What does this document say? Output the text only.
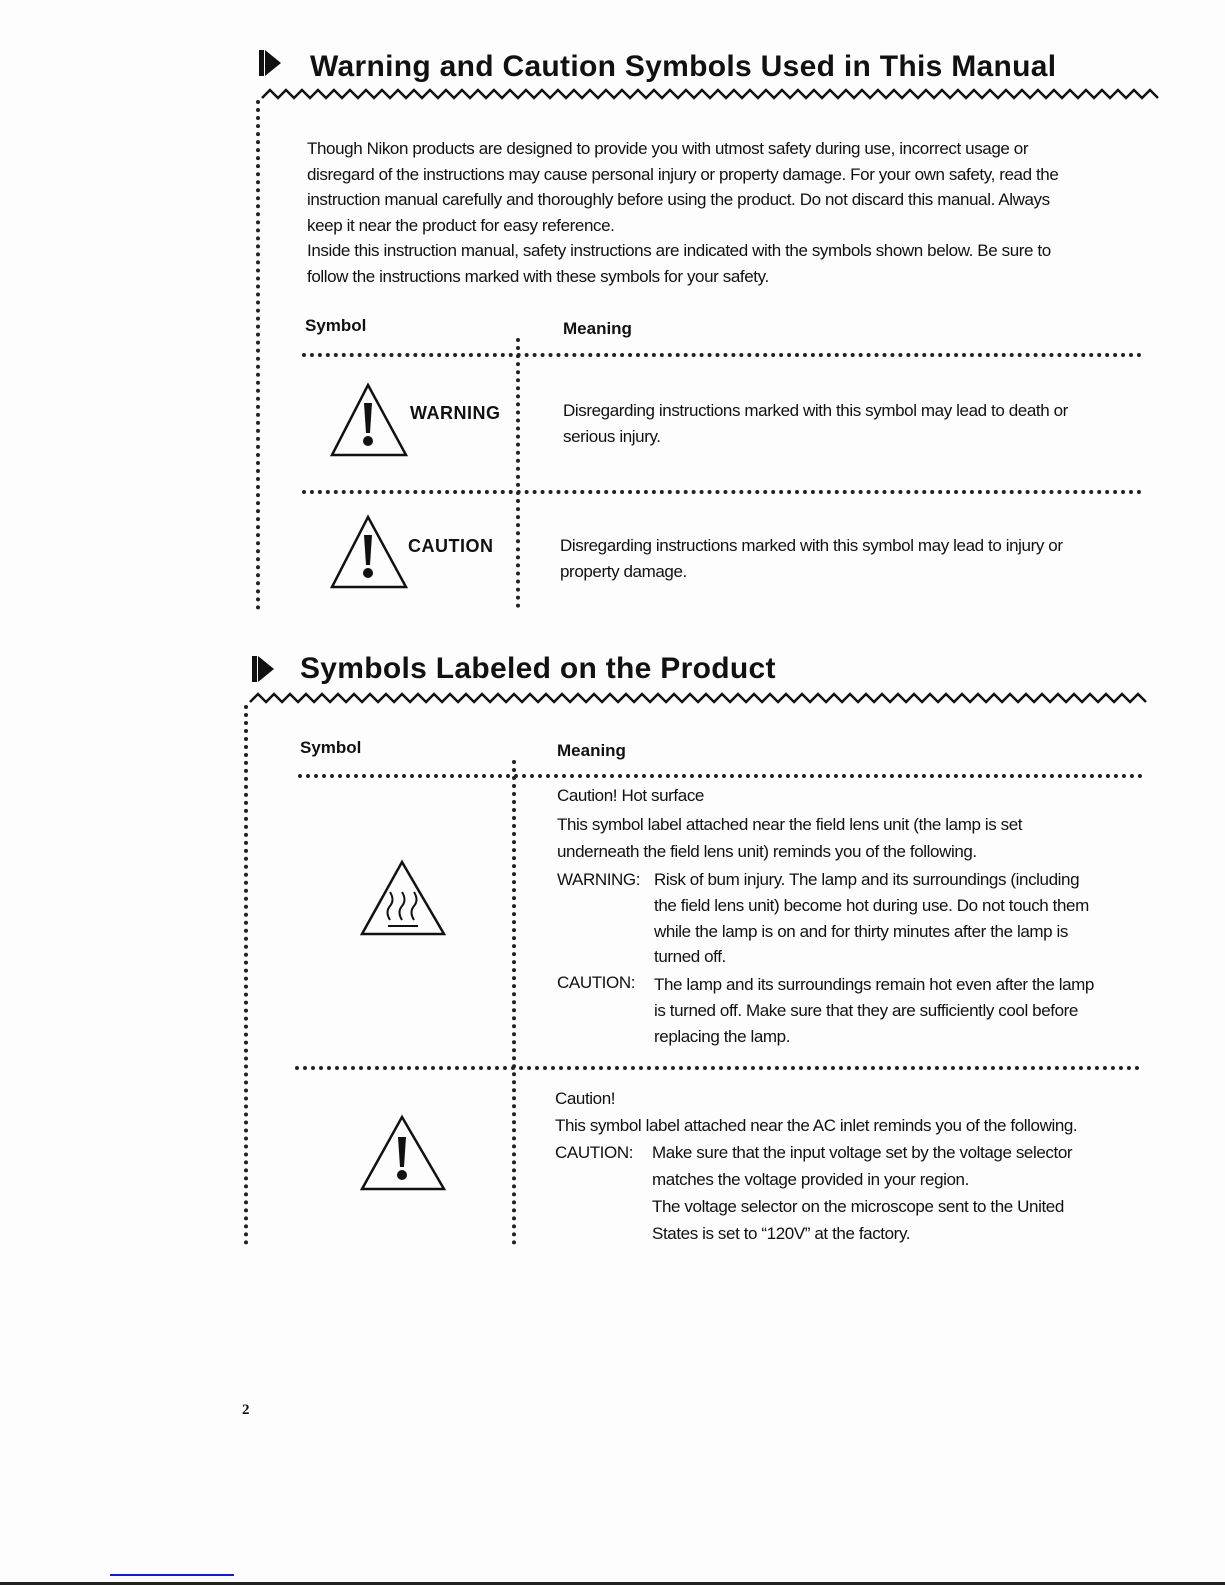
Warning and Caution Symbols Used in This Manual
Though Nikon products are designed to provide you with utmost safety during use, incorrect usage or
disregard of the instructions may cause personal injury or property damage. For your own safety, read the
instruction manual carefully and thoroughly before using the product. Do not discard this manual. Always
keep it near the product for easy reference.
Inside this instruction manual, safety instructions are indicated with the symbols shown below. Be sure to
follow the instructions marked with these symbols for your safety.
Symbol	Meaning
WARNING	Disregarding instructions marked with this symbol may lead to death or
serious injury.
CAUTION	Disregarding instructions marked with this symbol may lead to injury or
property damage.
Symbols Labeled on the Product
Symbol	Meaning
Caution! Hot surface
This symbol label attached near the field lens unit (the lamp is set
underneath the field lens unit) reminds you of the following.
WARNING: Risk of bum injury. The lamp and its surroundings (including
the field lens unit) become hot during use. Do not touch them
while the lamp is on and for thirty minutes after the lamp is
turned off.
CAUTION: The lamp and its surroundings remain hot even after the lamp
is turned off. Make sure that they are sufficiently cool before
replacing the lamp.
Caution!
This symbol label attached near the AC inlet reminds you of the following.
CAUTION: Make sure that the input voltage set by the voltage selector
matches the voltage provided in your region.
The voltage selector on the microscope sent to the United
States is set to “120V” at the factory.
2
